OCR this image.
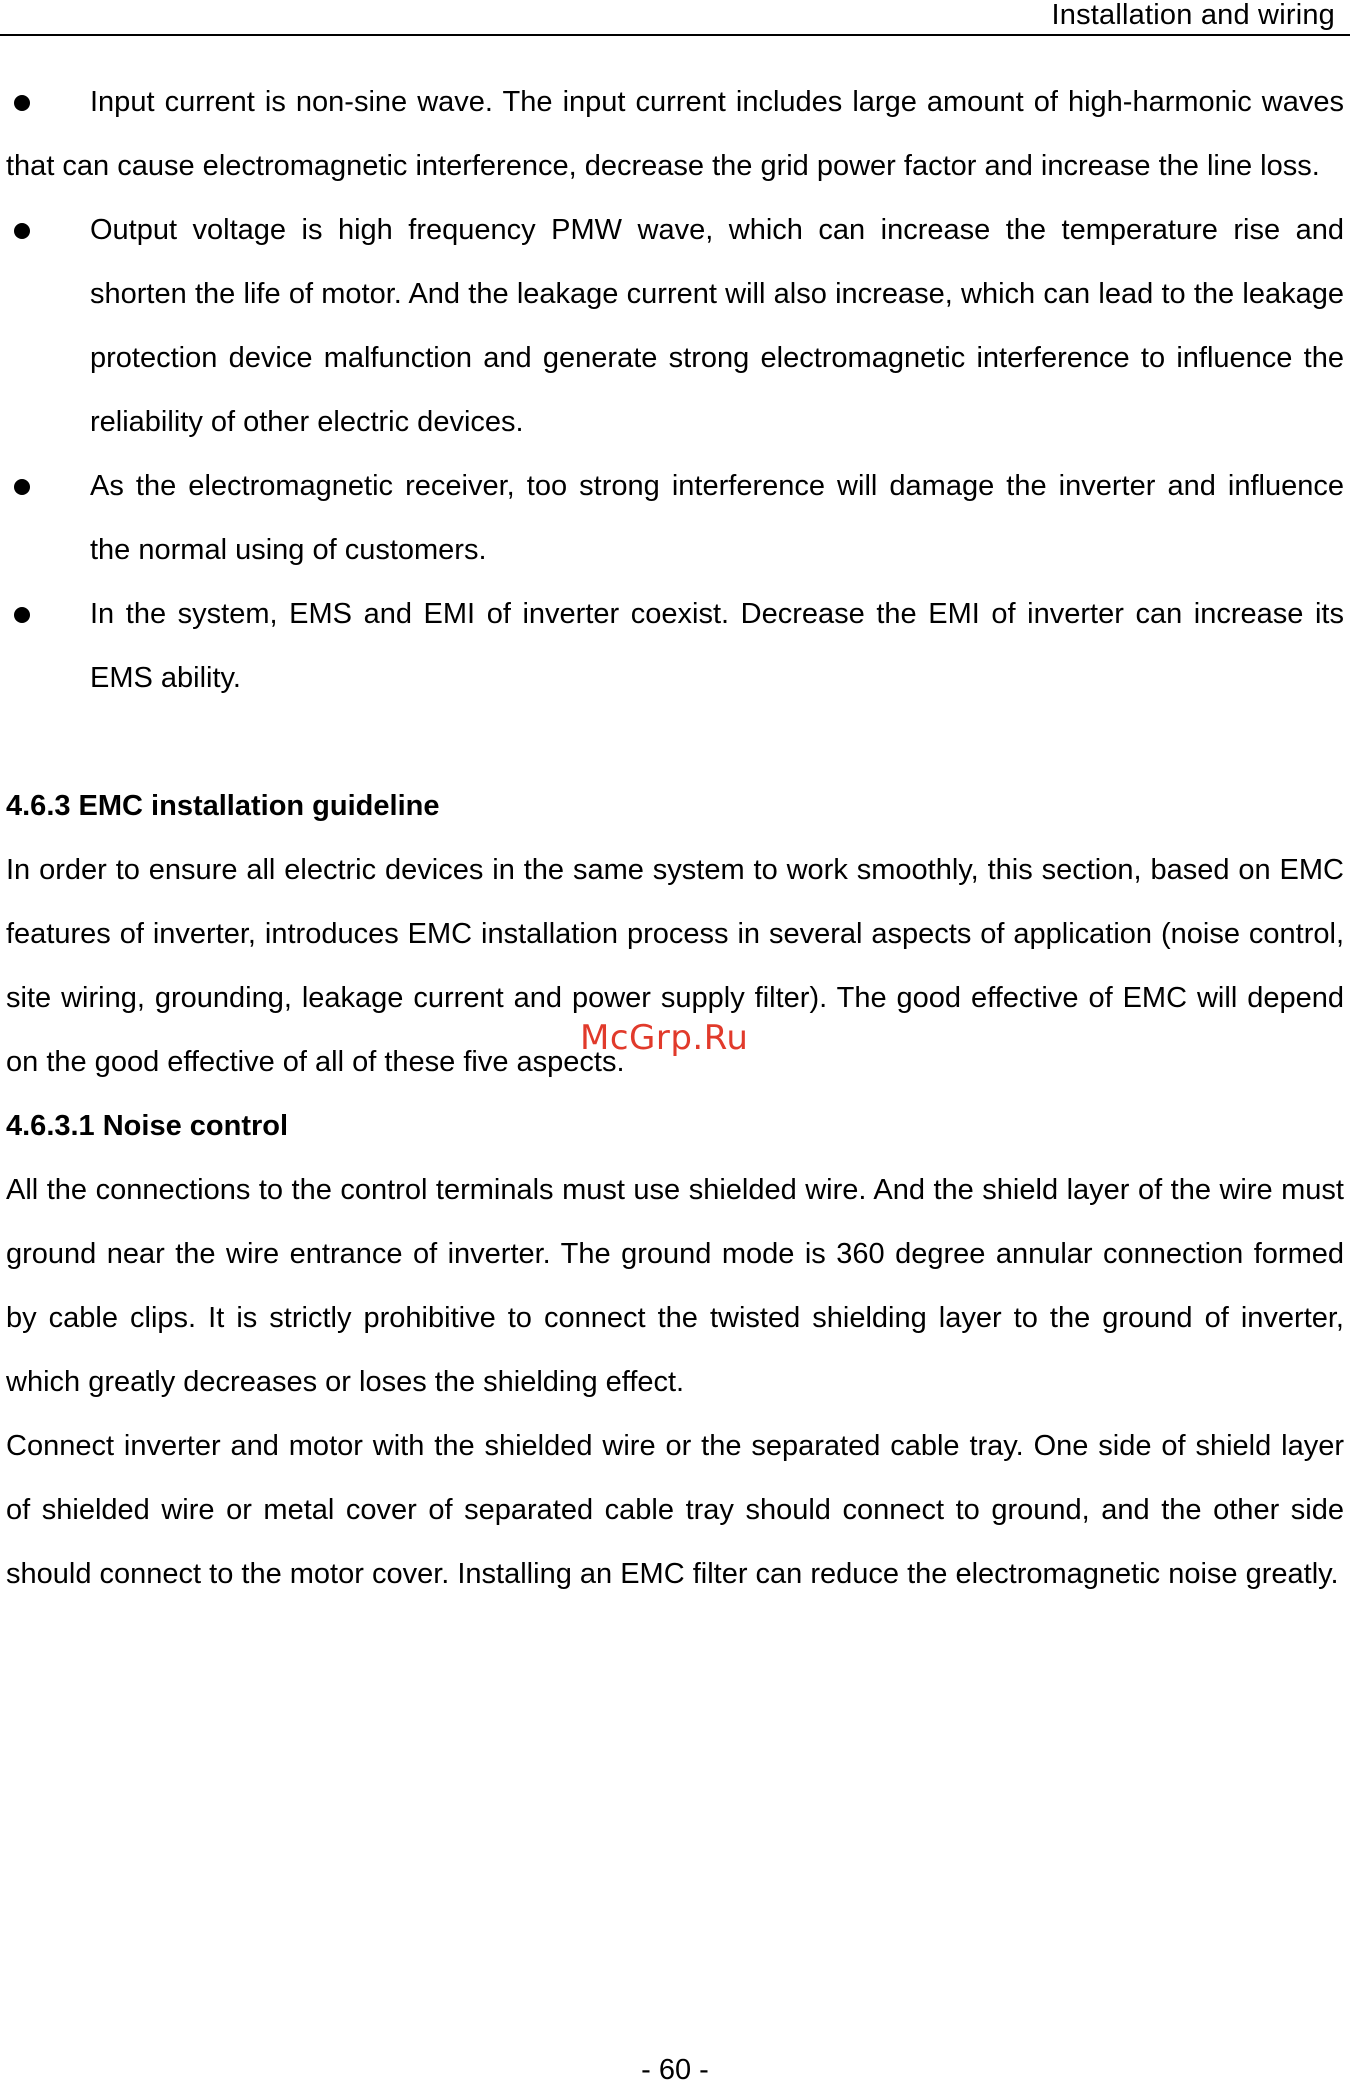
Installation and wiring

Input current is non-sine wave. The input current includes large amount of high-harmonic waves that can cause electromagnetic interference, decrease the grid power factor and increase the line loss.

Output voltage is high frequency PMW wave, which can increase the temperature rise and shorten the life of motor. And the leakage current will also increase, which can lead to the leakage protection device malfunction and generate strong electromagnetic interference to influence the reliability of other electric devices.

As the electromagnetic receiver, too strong interference will damage the inverter and influence the normal using of customers.

In the system, EMS and EMI of inverter coexist. Decrease the EMI of inverter can increase its EMS ability.

4.6.3 EMC installation guideline

In order to ensure all electric devices in the same system to work smoothly, this section, based on EMC features of inverter, introduces EMC installation process in several aspects of application (noise control, site wiring, grounding, leakage current and power supply filter). The good effective of EMC will depend on the good effective of all of these five aspects.

4.6.3.1 Noise control

All the connections to the control terminals must use shielded wire. And the shield layer of the wire must ground near the wire entrance of inverter. The ground mode is 360 degree annular connection formed by cable clips. It is strictly prohibitive to connect the twisted shielding layer to the ground of inverter, which greatly decreases or loses the shielding effect.

Connect inverter and motor with the shielded wire or the separated cable tray. One side of shield layer of shielded wire or metal cover of separated cable tray should connect to ground, and the other side should connect to the motor cover. Installing an EMC filter can reduce the electromagnetic noise greatly.

McGrp.Ru
- 60 -
